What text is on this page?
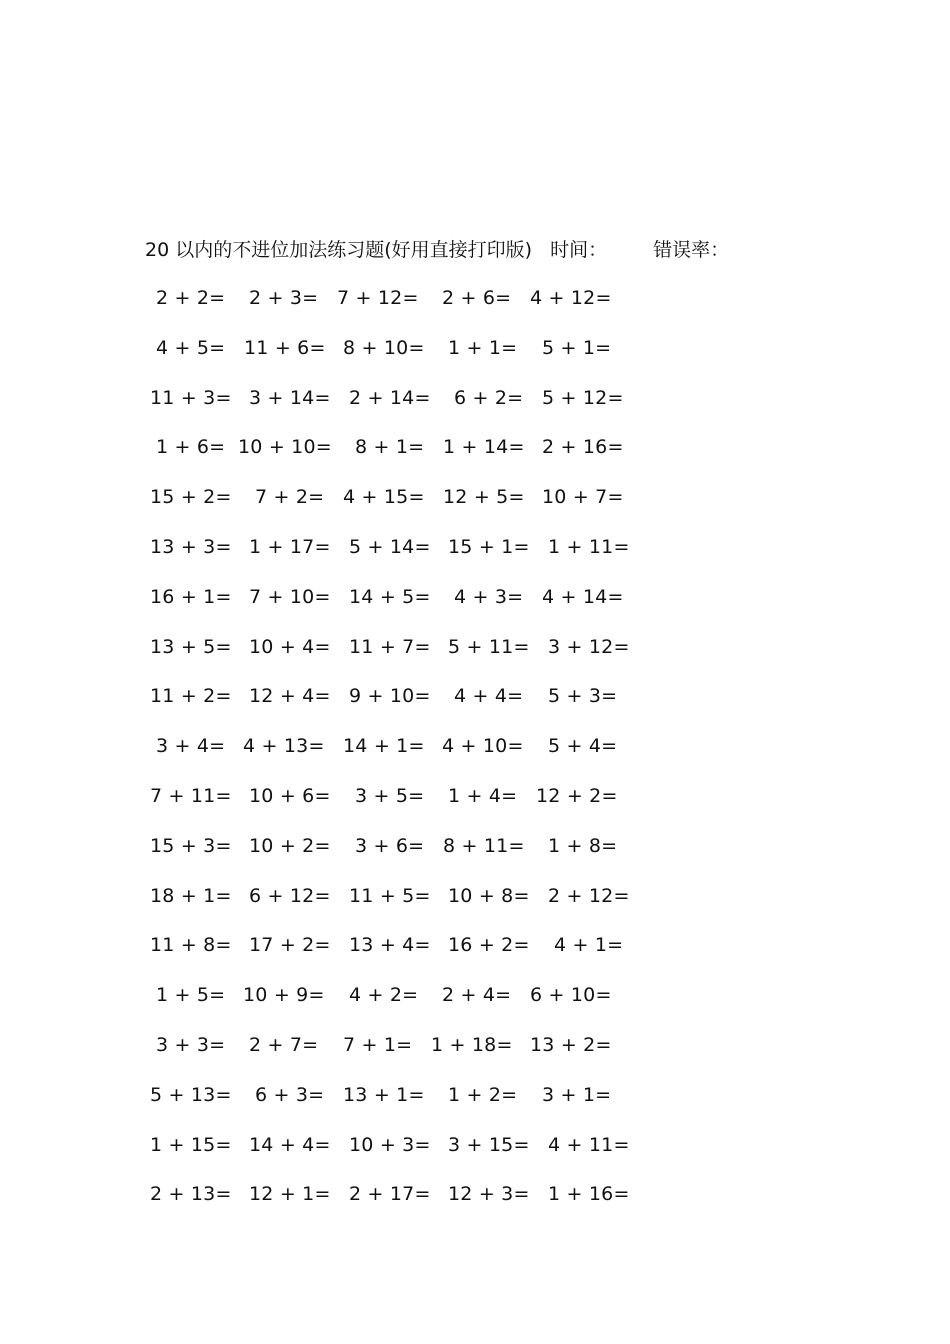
20 以内的不进位加法练习题(好用直接打印版) 时间： 错误率：
2 + 2= 2 + 3= 7 + 12= 2 + 6= 4 + 12=
4 + 5= 11 + 6= 8 + 10= 1 + 1= 5 + 1=
11 + 3= 3 + 14= 2 + 14= 6 + 2= 5 + 12=
1 + 6= 10 + 10= 8 + 1= 1 + 14= 2 + 16=
15 + 2= 7 + 2= 4 + 15= 12 + 5= 10 + 7=
13 + 3= 1 + 17= 5 + 14= 15 + 1= 1 + 11=
16 + 1= 7 + 10= 14 + 5= 4 + 3= 4 + 14=
13 + 5= 10 + 4= 11 + 7= 5 + 11= 3 + 12=
11 + 2= 12 + 4= 9 + 10= 4 + 4= 5 + 3=
3 + 4= 4 + 13= 14 + 1= 4 + 10= 5 + 4=
7 + 11= 10 + 6= 3 + 5= 1 + 4= 12 + 2=
15 + 3= 10 + 2= 3 + 6= 8 + 11= 1 + 8=
18 + 1= 6 + 12= 11 + 5= 10 + 8= 2 + 12=
11 + 8= 17 + 2= 13 + 4= 16 + 2= 4 + 1=
1 + 5= 10 + 9= 4 + 2= 2 + 4= 6 + 10=
3 + 3= 2 + 7= 7 + 1= 1 + 18= 13 + 2=
5 + 13= 6 + 3= 13 + 1= 1 + 2= 3 + 1=
1 + 15= 14 + 4= 10 + 3= 3 + 15= 4 + 11=
2 + 13= 12 + 1= 2 + 17= 12 + 3= 1 + 16=
